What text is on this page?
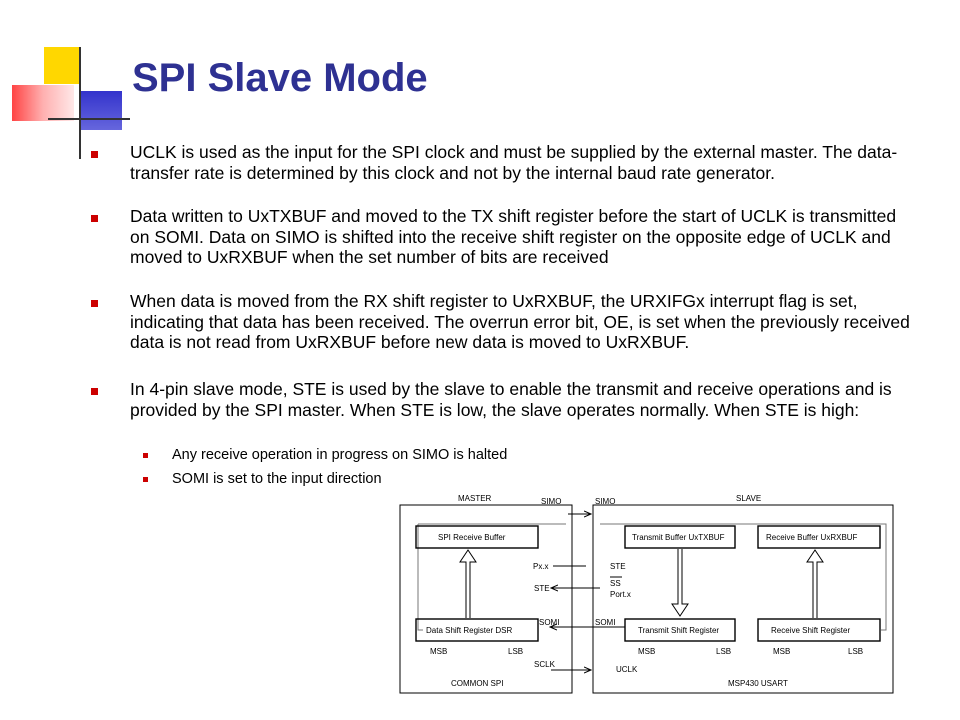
SPI Slave Mode
UCLK is used as the input for the SPI clock and must be supplied by the external master. The data-transfer rate is determined by this clock and not by the internal baud rate generator.
Data written to UxTXBUF and moved to the TX shift register before the start of UCLK is transmitted on SOMI. Data on SIMO is shifted into the receive shift register on the opposite edge of UCLK and moved to UxRXBUF when the set number of bits are received
When data is moved from the RX shift register to UxRXBUF, the URXIFGx interrupt flag is set, indicating that data has been received. The overrun error bit, OE, is set when the previously received data is not read from UxRXBUF before new data is moved to UxRXBUF.
In 4-pin slave mode, STE is used by the slave to enable the transmit and receive operations and is provided by the SPI master. When STE is low, the slave operates normally. When STE is high:
Any receive operation in progress on SIMO is halted
SOMI is set to the input direction
MASTER	SLAVE
SIMO	SIMO
SPI Receive Buffer	Transmit Buffer UxTXBUF	Receive Buffer UxRXBUF
Px.x	STE
STE
SS
Port.x
SOMI	SOMI
Data Shift Register DSR	Transmit Shift Register	Receive Shift Register
MSB	LSB	MSB	LSB	MSB	LSB
SCLK
UCLK
COMMON SPI	MSP430 USART
